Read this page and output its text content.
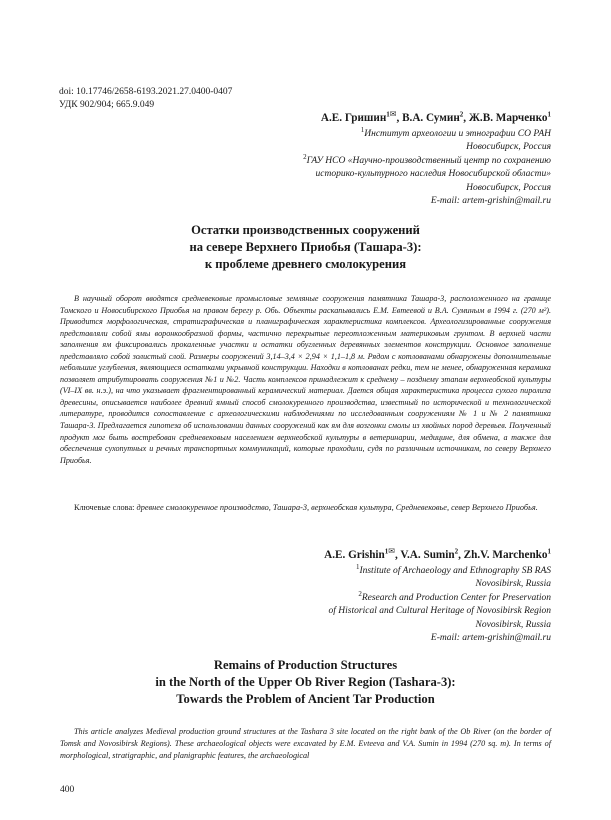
doi: 10.17746/2658-6193.2021.27.0400-0407
УДК 902/904; 665.9.049
А.Е. Гришин$^{1✉}$, В.А. Сумин$^2$, Ж.В. Марченко$^1$
$^1$Институт археологии и этнографии СО РАН
Новосибирск, Россия
$^2$ГАУ НСО «Научно-производственный центр по сохранению
историко-культурного наследия Новосибирской области»
Новосибирск, Россия
E-mail: artem-grishin@mail.ru
Остатки производственных сооружений
на севере Верхнего Приобья (Ташара-3):
к проблеме древнего смолокурения
В научный оборот вводятся средневековые промысловые земляные сооружения памятника Ташара-3, расположенного на границе Томского и Новосибирского Приобья на правом берегу р. Обь. Объекты раскапывались Е.М. Евтеевой и В.А. Суминым в 1994 г. (270 м²). Приводится морфологическая, стратиграфическая и планиграфическая характеристика комплексов. Археологизированные сооружения представляли собой ямы воронкообразной формы, частично перекрытые переотложенным материковым грунтом. В верхней части заполнения ям фиксировались прокаленные участки и остатки обугленных деревянных элементов конструкции. Основное заполнение представляло собой золистый слой. Размеры сооружений 3,14–3,4 × 2,94 × 1,1–1,8 м. Рядом с котлованами обнаружены дополнительные небольшие углубления, являющиеся остатками укрывной конструкции. Находки в котлованах редки, тем не менее, обнаруженная керамика позволяет атрибутировать сооружения №1 и №2. Часть комплексов принадлежит к среднему – позднему этапам верхнеобской культуры (VI–IX вв. н.э.), на что указывает фрагментированный керамический материал. Дается общая характеристика процесса сухого пиролиза древесины, описывается наиболее древний ямный способ смолокуренного производства, известный по исторической и технологической литературе, проводится сопоставление с археологическими наблюдениями по исследованным сооружениям № 1 и № 2 памятника Ташара-3. Предлагается гипотеза об использовании данных сооружений как ям для возгонки смолы из хвойных пород деревьев. Полученный продукт мог быть востребован средневековым населением верхнеобской культуры в ветеринарии, медицине, для обмена, а также для обеспечения сухопутных и речных транспортных коммуникаций, которые проходили, судя по различным источникам, по северу Верхнего Приобья.
Ключевые слова: древнее смолокуренное производство, Ташара-3, верхнеобская культура, Средневековье, север Верхнего Приобья.
A.E. Grishin$^{1✉}$, V.A. Sumin$^2$, Zh.V. Marchenko$^1$
$^1$Institute of Archaeology and Ethnography SB RAS
Novosibirsk, Russia
$^2$Research and Production Center for Preservation
of Historical and Cultural Heritage of Novosibirsk Region
Novosibirsk, Russia
E-mail: artem-grishin@mail.ru
Remains of Production Structures
in the North of the Upper Ob River Region (Tashara-3):
Towards the Problem of Ancient Tar Production
This article analyzes Medieval production ground structures at the Tashara 3 site located on the right bank of the Ob River (on the border of Tomsk and Novosibirsk Regions). These archaeological objects were excavated by E.M. Evteeva and V.A. Sumin in 1994 (270 sq. m). In terms of morphological, stratigraphic, and planigraphic features, the archaeological
400
